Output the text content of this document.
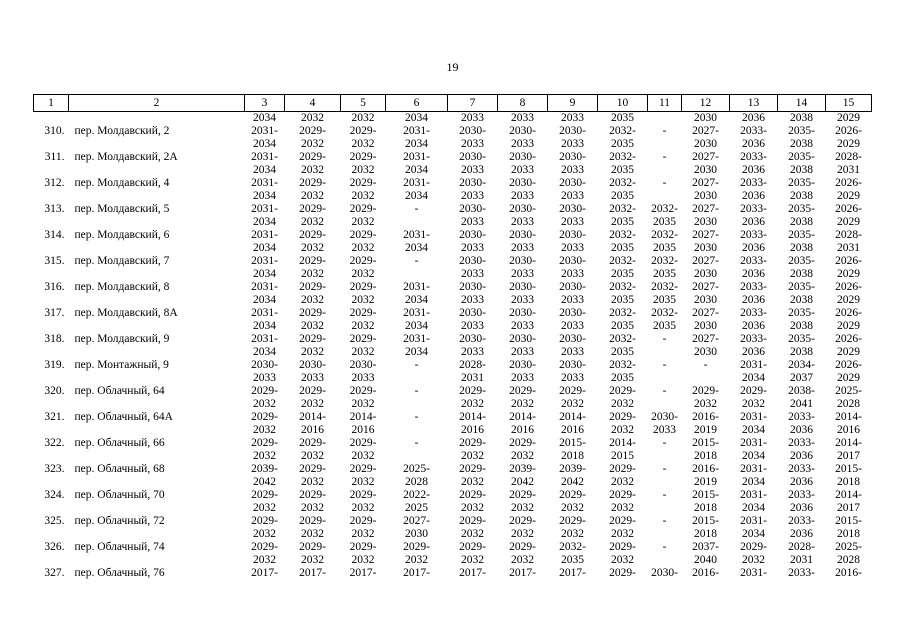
19
1	2	3	4	5	6	7	8	9	10	11	12	13	14	15
		2034	2032	2032	2034	2033	2033	2033	2035		2030	2036	2038	2029
310.	пер. Молдавский, 2	2031-	2029-	2029-	2031-	2030-	2030-	2030-	2032-	-	2027-	2033-	2035-	2026-
		2034	2032	2032	2034	2033	2033	2033	2035		2030	2036	2038	2029
311.	пер. Молдавский, 2А	2031-	2029-	2029-	2031-	2030-	2030-	2030-	2032-	-	2027-	2033-	2035-	2028-
		2034	2032	2032	2034	2033	2033	2033	2035		2030	2036	2038	2031
312.	пер. Молдавский, 4	2031-	2029-	2029-	2031-	2030-	2030-	2030-	2032-	-	2027-	2033-	2035-	2026-
		2034	2032	2032	2034	2033	2033	2033	2035		2030	2036	2038	2029
313.	пер. Молдавский, 5	2031-	2029-	2029-	-	2030-	2030-	2030-	2032-	2032-	2027-	2033-	2035-	2026-
		2034	2032	2032		2033	2033	2033	2035	2035	2030	2036	2038	2029
314.	пер. Молдавский, 6	2031-	2029-	2029-	2031-	2030-	2030-	2030-	2032-	2032-	2027-	2033-	2035-	2028-
		2034	2032	2032	2034	2033	2033	2033	2035	2035	2030	2036	2038	2031
315.	пер. Молдавский, 7	2031-	2029-	2029-	-	2030-	2030-	2030-	2032-	2032-	2027-	2033-	2035-	2026-
		2034	2032	2032		2033	2033	2033	2035	2035	2030	2036	2038	2029
316.	пер. Молдавский, 8	2031-	2029-	2029-	2031-	2030-	2030-	2030-	2032-	2032-	2027-	2033-	2035-	2026-
		2034	2032	2032	2034	2033	2033	2033	2035	2035	2030	2036	2038	2029
317.	пер. Молдавский, 8А	2031-	2029-	2029-	2031-	2030-	2030-	2030-	2032-	2032-	2027-	2033-	2035-	2026-
		2034	2032	2032	2034	2033	2033	2033	2035	2035	2030	2036	2038	2029
318.	пер. Молдавский, 9	2031-	2029-	2029-	2031-	2030-	2030-	2030-	2032-	-	2027-	2033-	2035-	2026-
		2034	2032	2032	2034	2033	2033	2033	2035		2030	2036	2038	2029
319.	пер. Монтажный, 9	2030-	2030-	2030-	-	2028-	2030-	2030-	2032-	-	-	2031-	2034-	2026-
		2033	2033	2033		2031	2033	2033	2035			2034	2037	2029
320.	пер. Облачный, 64	2029-	2029-	2029-	-	2029-	2029-	2029-	2029-	-	2029-	2029-	2038-	2025-
		2032	2032	2032		2032	2032	2032	2032		2032	2032	2041	2028
321.	пер. Облачный, 64А	2029-	2014-	2014-	-	2014-	2014-	2014-	2029-	2030-	2016-	2031-	2033-	2014-
		2032	2016	2016		2016	2016	2016	2032	2033	2019	2034	2036	2016
322.	пер. Облачный, 66	2029-	2029-	2029-	-	2029-	2029-	2015-	2014-	-	2015-	2031-	2033-	2014-
		2032	2032	2032		2032	2032	2018	2015		2018	2034	2036	2017
323.	пер. Облачный, 68	2039-	2029-	2029-	2025-	2029-	2039-	2039-	2029-	-	2016-	2031-	2033-	2015-
		2042	2032	2032	2028	2032	2042	2042	2032		2019	2034	2036	2018
324.	пер. Облачный, 70	2029-	2029-	2029-	2022-	2029-	2029-	2029-	2029-	-	2015-	2031-	2033-	2014-
		2032	2032	2032	2025	2032	2032	2032	2032		2018	2034	2036	2017
325.	пер. Облачный, 72	2029-	2029-	2029-	2027-	2029-	2029-	2029-	2029-	-	2015-	2031-	2033-	2015-
		2032	2032	2032	2030	2032	2032	2032	2032		2018	2034	2036	2018
326.	пер. Облачный, 74	2029-	2029-	2029-	2029-	2029-	2029-	2032-	2029-	-	2037-	2029-	2028-	2025-
		2032	2032	2032	2032	2032	2032	2035	2032		2040	2032	2031	2028
327.	пер. Облачный, 76	2017-	2017-	2017-	2017-	2017-	2017-	2017-	2029-	2030-	2016-	2031-	2033-	2016-
